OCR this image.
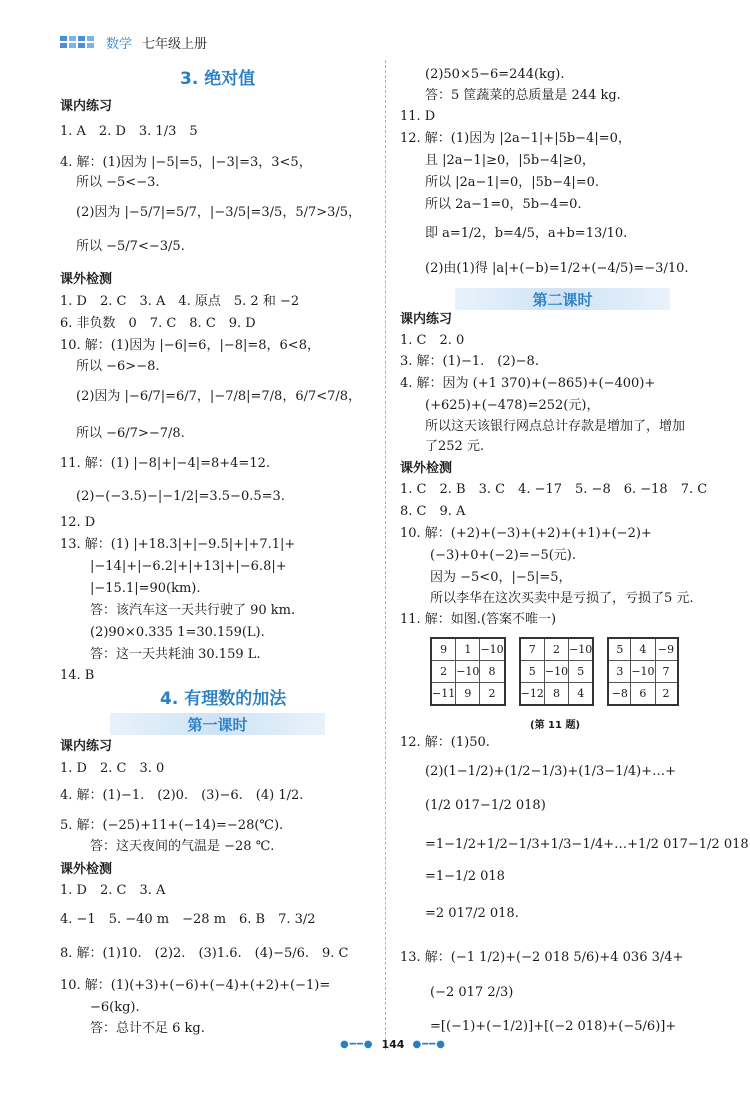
数学 七年级上册
3. 绝对值
课内练习
1. A　2. D　3. 1/3　5
4. 解：(1)因为 |−5|=5，|−3|=3，3<5，
所以 −5<−3.
(2)因为 |−5/7|=5/7，|−3/5|=3/5，5/7>3/5，
所以 −5/7<−3/5.
课外检测
1. D　2. C　3. A　4. 原点　5. 2 和 −2
6. 非负数　0　7. C　8. C　9. D
10. 解：(1)因为 |−6|=6，|−8|=8，6<8，
所以 −6>−8.
(2)因为 |−6/7|=6/7，|−7/8|=7/8，6/7<7/8，
所以 −6/7>−7/8.
11. 解：(1) |−8|+|−4|=8+4=12.
(2)−(−3.5)−|−1/2|=3.5−0.5=3.
12. D
13. 解：(1) |+18.3|+|−9.5|+|+7.1|+
|−14|+|−6.2|+|+13|+|−6.8|+
|−15.1|=90(km).
答：该汽车这一天共行驶了 90 km.
(2)90×0.335 1=30.159(L).
答：这一天共耗油 30.159 L.
14. B
4. 有理数的加法
第一课时
课内练习
1. D　2. C　3. 0
4. 解：(1)−1.　(2)0.　(3)−6.　(4) 1/2.
5. 解：(−25)+11+(−14)=−28(℃).
答：这天夜间的气温是 −28 ℃.
课外检测
1. D　2. C　3. A
4. −1　5. −40 m　−28 m　6. B　7. 3/2
8. 解：(1)10.　(2)2.　(3)1.6.　(4)−5/6.　9. C
10. 解：(1)(+3)+(−6)+(−4)+(+2)+(−1)=
−6(kg).
答：总计不足 6 kg.
(2)50×5−6=244(kg).
答：5 筐蔬菜的总质量是 244 kg.
11. D
12. 解：(1)因为 |2a−1|+|5b−4|=0，
且 |2a−1|≥0，|5b−4|≥0，
所以 |2a−1|=0，|5b−4|=0.
所以 2a−1=0，5b−4=0.
即 a=1/2，b=4/5，a+b=13/10.
(2)由(1)得 |a|+(−b)=1/2+(−4/5)=−3/10.
第二课时
课内练习
1. C　2. 0
3. 解：(1)−1.　(2)−8.
4. 解：因为 (+1 370)+(−865)+(−400)+
(+625)+(−478)=252(元)，
所以这天该银行网点总计存款是增加了，增加
了252 元.
课外检测
1. C　2. B　3. C　4. −17　5. −8　6. −18　7. C
8. C　9. A
10. 解：(+2)+(−3)+(+2)+(+1)+(−2)+
(−3)+0+(−2)=−5(元).
因为 −5<0，|−5|=5，
所以李华在这次买卖中是亏损了，亏损了5 元.
11. 解：如图.(答案不唯一)
12. 解：(1)50.
(2)(1−1/2)+(1/2−1/3)+(1/3−1/4)+…+
(1/2 017−1/2 018)
=1−1/2+1/2−1/3+1/3−1/4+…+1/2 017−1/2 018
=1−1/2 018
=2 017/2 018.
13. 解：(−1 1/2)+(−2 018 5/6)+4 036 3/4+
(−2 017 2/3)
=[(−1)+(−1/2)]+[(−2 018)+(−5/6)]+
9	1	−10
2	−10	8
−11	9	2
7	2	−10
5	−10	5
−12	8	4
5	4	−9
3	−10	7
−8	6	2
(第 11 题)
●━━● 144 ●━━●
